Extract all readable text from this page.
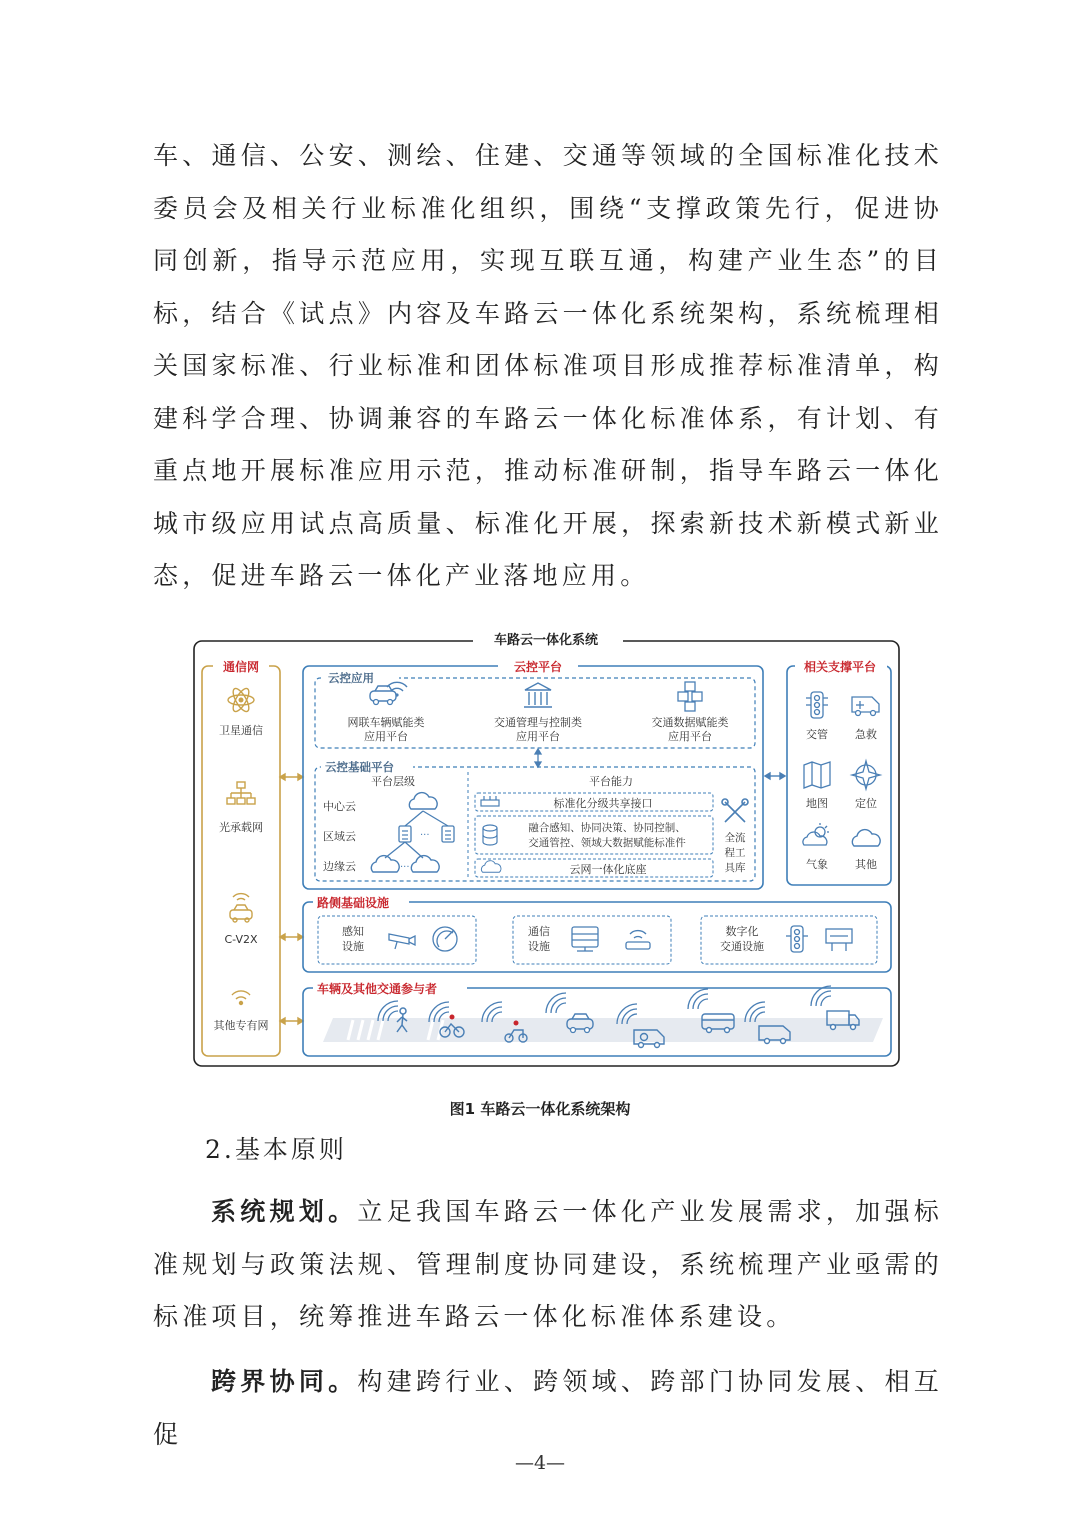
车、通信、公安、测绘、住建、交通等领域的全国标准化技术委员会及相关行业标准化组织，围绕“支撑政策先行，促进协同创新，指导示范应用，实现互联互通，构建产业生态”的目标，结合《试点》内容及车路云一体化系统架构，系统梳理相关国家标准、行业标准和团体标准项目形成推荐标准清单，构建科学合理、协调兼容的车路云一体化标准体系，有计划、有重点地开展标准应用示范，推动标准研制，指导车路云一体化城市级应用试点高质量、标准化开展，探索新技术新模式新业态，促进车路云一体化产业落地应用。

车路云一体化系统
通信网
卫星通信
光承载网
C-V2X
其他专有网
云控平台
云控应用
网联车辆赋能类
应用平台
交通管理与控制类
应用平台
交通数据赋能类
应用平台
云控基础平台
平台层级
中心云
区域云
边缘云
···
···
平台能力
标准化分级共享接口
融合感知、协同决策、协同控制、
交通管控、领域大数据赋能标准件
云网一体化底座
全流
程工
具库
相关支撑平台
交管 急救
地图 定位
气象 其他
路侧基础设施
感知
设施
通信
设施
数字化
交通设施
车辆及其他交通参与者
图1 车路云一体化系统架构

2.基本原则

系统规划。立足我国车路云一体化产业发展需求，加强标准规划与政策法规、管理制度协同建设，系统梳理产业亟需的标准项目，统筹推进车路云一体化标准体系建设。

跨界协同。构建跨行业、跨领域、跨部门协同发展、相互促

—4—
